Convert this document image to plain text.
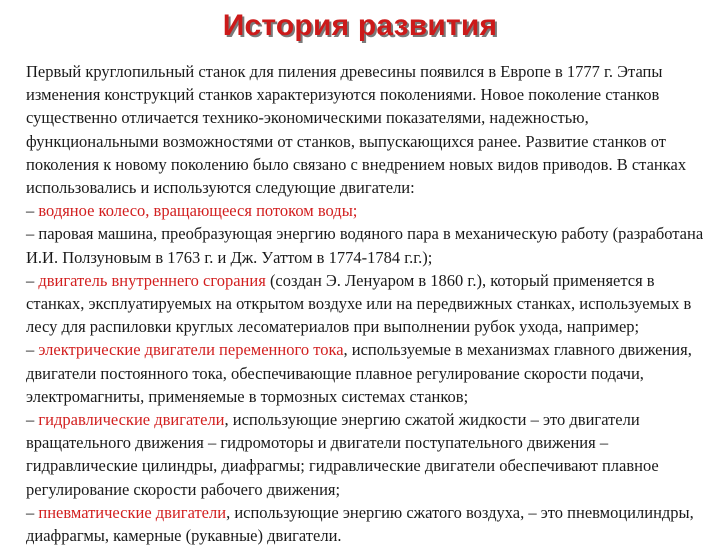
История развития

Первый круглопильный станок для пиления древесины появился в Европе в 1777 г. Этапы изменения конструкций станков характеризуются поколениями. Новое поколение станков существенно отличается технико-экономическими показателями, надежностью, функциональными возможностями от станков, выпускающихся ранее. Развитие станков от поколения к новому поколению было связано с внедрением новых видов приводов. В станках использовались и используются следующие двигатели:

– водяное колесо, вращающееся потоком воды;

– паровая машина, преобразующая энергию водяного пара в механическую работу (разработана И.И. Ползуновым в 1763 г. и Дж. Уаттом в 1774-1784 г.г.);

– двигатель внутреннего сгорания (создан Э. Ленуаром в 1860 г.), который применяется в станках, эксплуатируемых на открытом воздухе или на передвижных станках, используемых в лесу для распиловки круглых лесоматериалов при выполнении рубок ухода, например;

– электрические двигатели переменного тока, используемые в механизмах главного движения, двигатели постоянного тока, обеспечивающие плавное регулирование скорости подачи, электромагниты, применяемые в тормозных системах станков;

– гидравлические двигатели, использующие энергию сжатой жидкости – это двигатели вращательного движения – гидромоторы и двигатели поступательного движения – гидравлические цилиндры, диафрагмы; гидравлические двигатели обеспечивают плавное регулирование скорости рабочего движения;

– пневматические двигатели, использующие энергию сжатого воздуха, – это пневмоцилиндры, диафрагмы, камерные (рукавные) двигатели.
